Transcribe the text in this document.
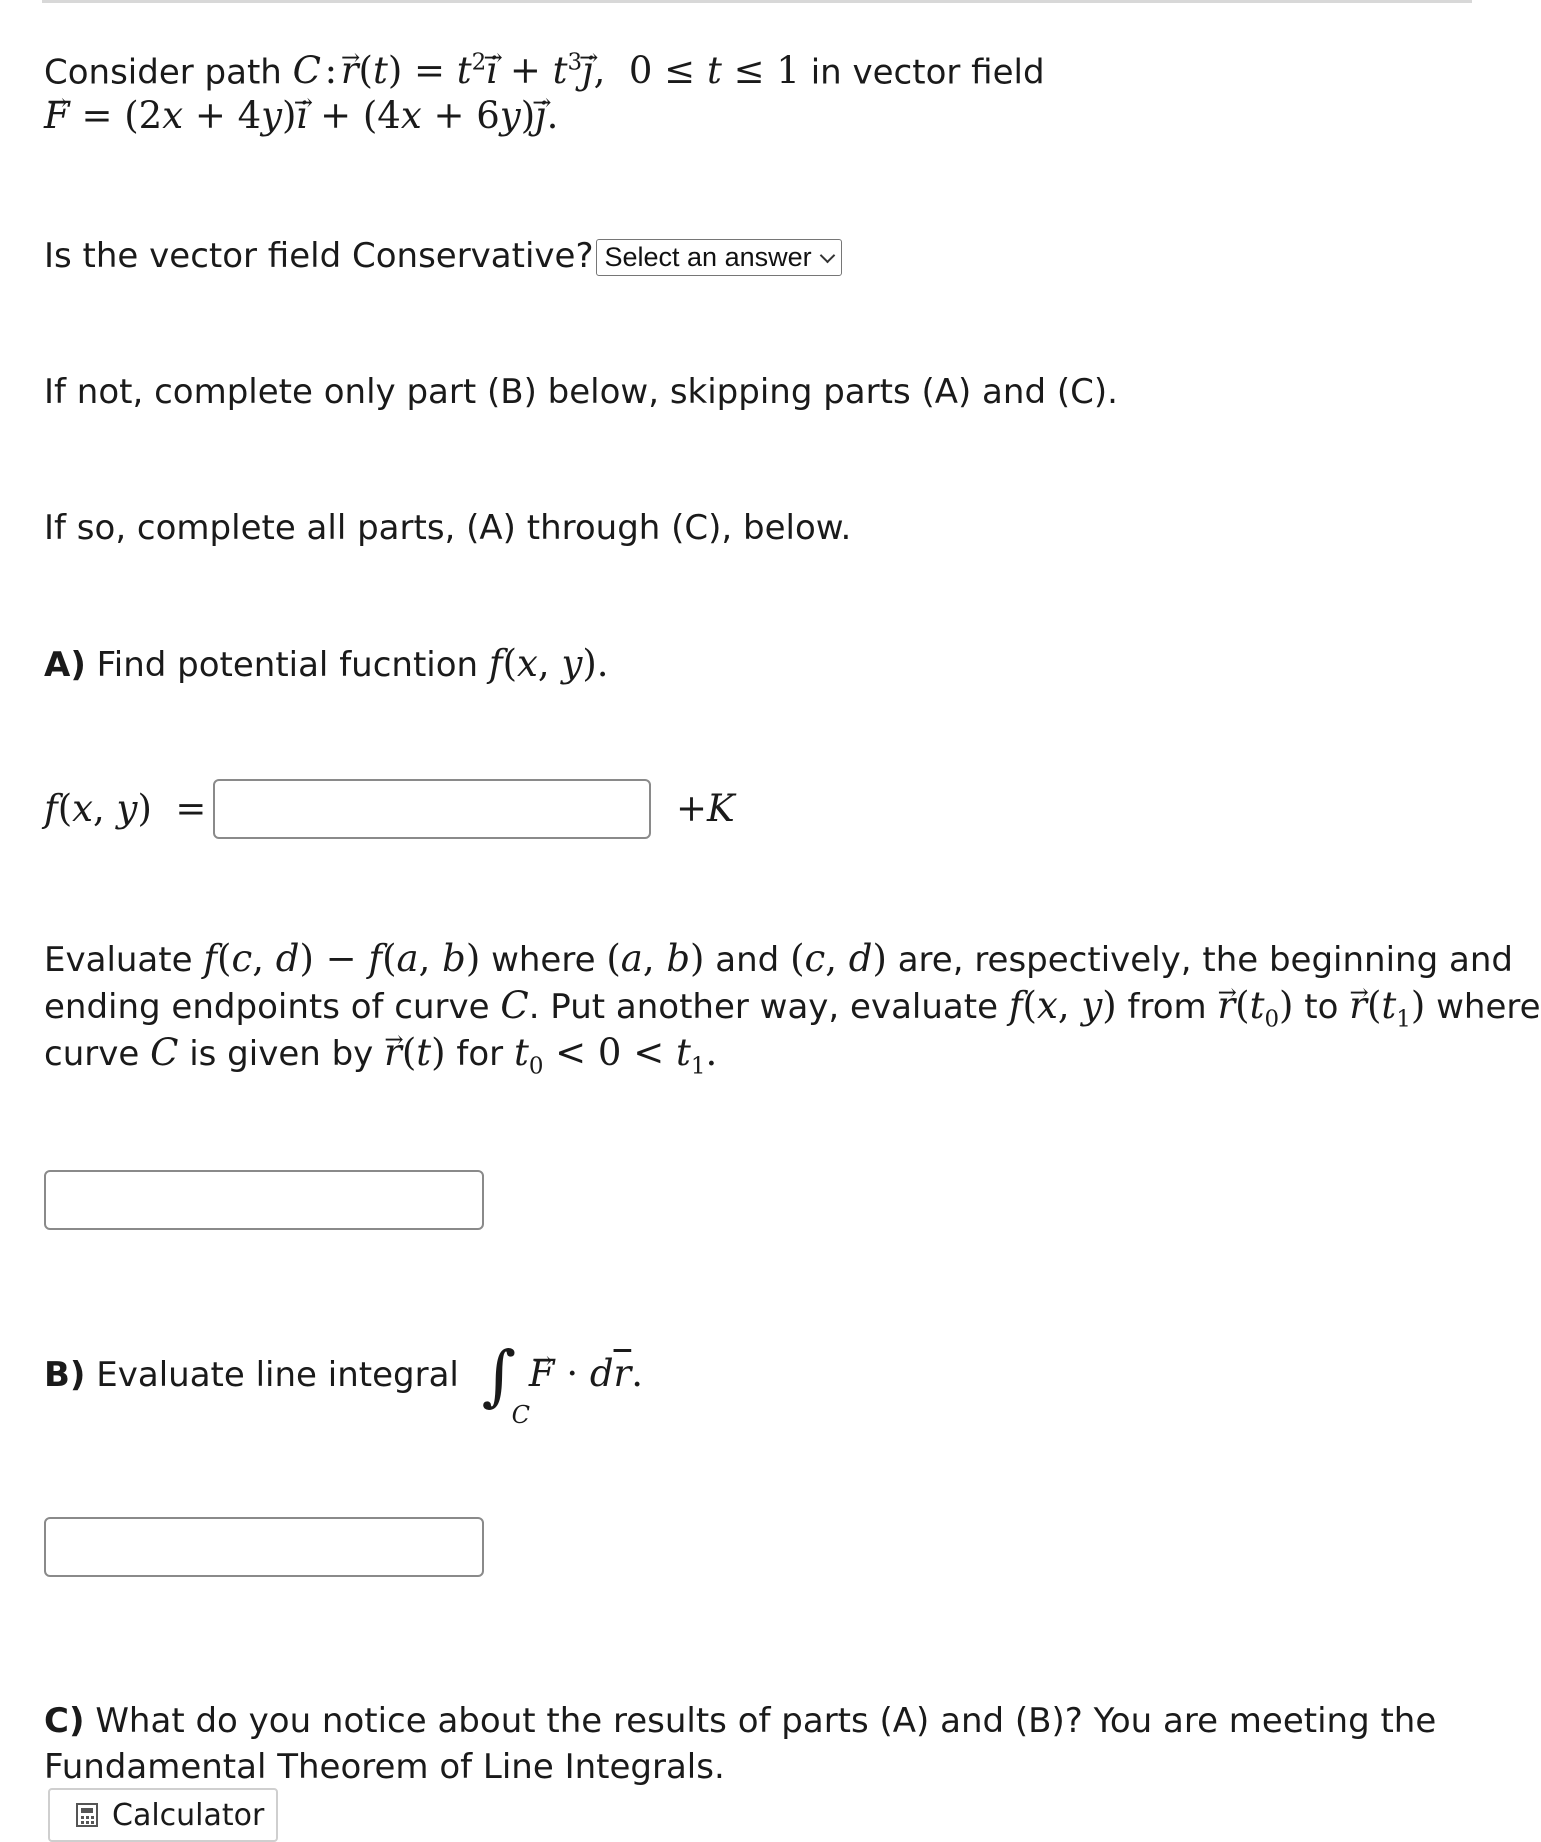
Consider path C : $r \to(t) = t^2i$ → + $t^3j$ →,  0 ≤ t ≤ 1 in vector field
F → = (2x + 4y)i → + (4x + 6y)j →.
Is the vector field Conservative? Select an answer
If not, complete only part (B) below, skipping parts (A) and (C).
If so, complete all parts, (A) through (C), below.
A) Find potential fucntion f(x, y).
f(x, y)  =	+K
Evaluate f(c, d) − f(a, b) where (a, b) and (c, d) are, respectively, the beginning and
ending endpoints of curve C. Put another way, evaluate f(x, y) from $r \to(t_0)$ to $r \to(t_1)$ where
curve C is given by r →(t) for $t_0 < 0 < t_1$.
B) Evaluate line integral ∫
C
F → · $d\overline{r}$.
C) What do you notice about the results of parts (A) and (B)? You are meeting the
Fundamental Theorem of Line Integrals.
Calculator
